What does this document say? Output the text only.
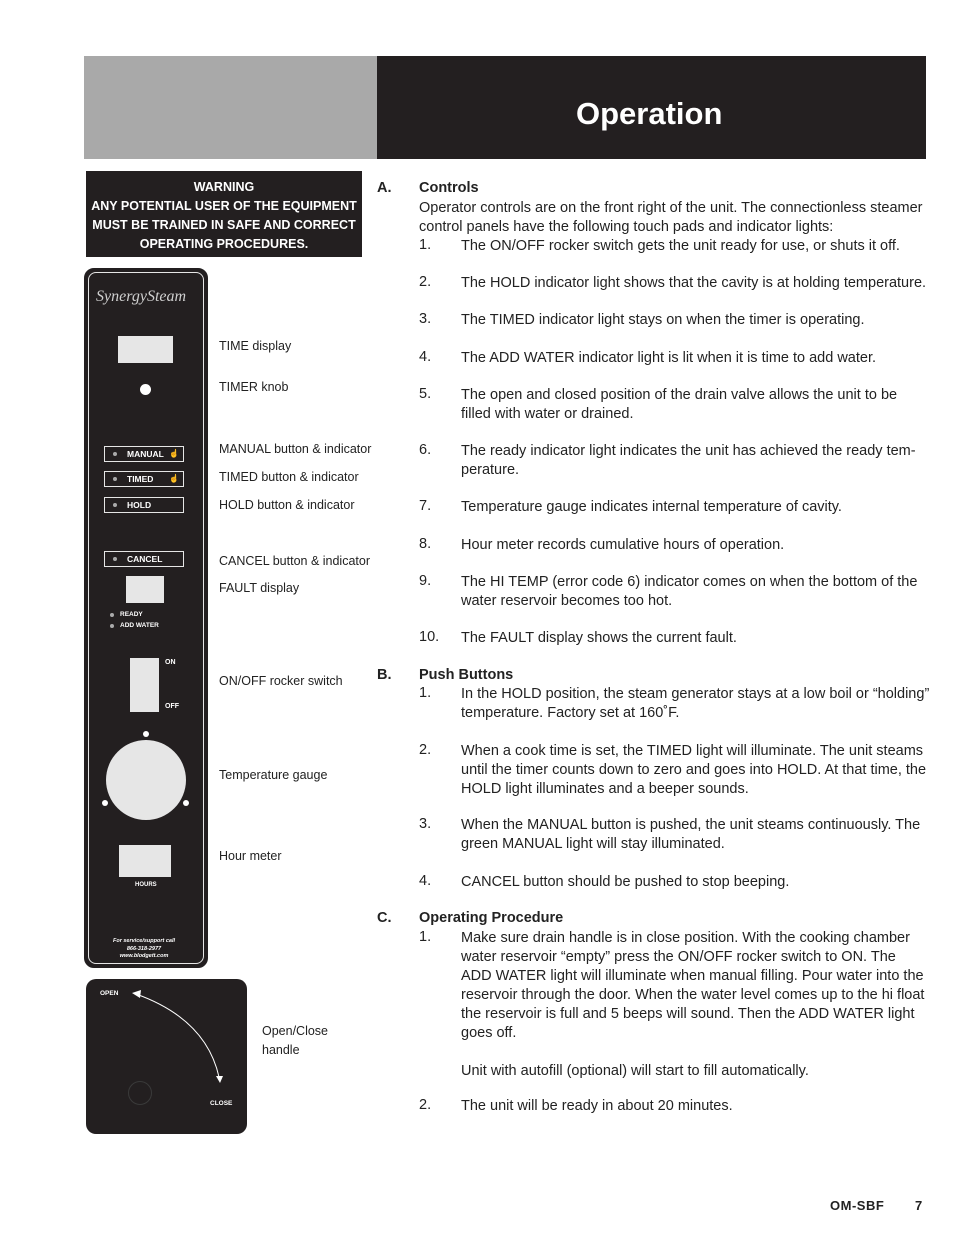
Operation
WARNING
ANY POTENTIAL USER OF THE EQUIPMENT
MUST BE TRAINED IN SAFE AND CORRECT
OPERATING PROCEDURES.
SynergySteam
MANUAL ☝
TIMED ☝
HOLD
CANCEL
READY
ADD WATER
ON
OFF
HOURS
For service/support call
866-318-2977
www.blodgett.com
TIME display
TIMER knob
MANUAL button & indicator
TIMED button & indicator
HOLD button & indicator
CANCEL button & indicator
FAULT display
ON/OFF rocker switch
Temperature gauge
Hour meter
OPEN
CLOSE
Open/Close
handle
A. Controls
Operator controls are on the front right of the unit. The connectionless steamer
control panels have the following touch pads and indicator lights:
1. The ON/OFF rocker switch gets the unit ready for use, or shuts it off.
2. The HOLD indicator light shows that the cavity is at holding temperature.
3. The TIMED indicator light stays on when the timer is operating.
4. The ADD WATER indicator light is lit when it is time to add water.
5. The open and closed position of the drain valve allows the unit to be
filled with water or drained.
6. The ready indicator light indicates the unit has achieved the ready tem-
perature.
7. Temperature gauge indicates internal temperature of cavity.
8. Hour meter records cumulative hours of operation.
9. The HI TEMP (error code 6) indicator comes on when the bottom of the
water reservoir becomes too hot.
10. The FAULT display shows the current fault.
B. Push Buttons
1. In the HOLD position, the steam generator stays at a low boil or “holding”
temperature. Factory set at 160˚F.
2. When a cook time is set, the TIMED light will illuminate. The unit steams
until the timer counts down to zero and goes into HOLD. At that time, the
HOLD light illuminates and a beeper sounds.
3. When the MANUAL button is pushed, the unit steams continuously. The
green MANUAL light will stay illuminated.
4. CANCEL button should be pushed to stop beeping.
C. Operating Procedure
1. Make sure drain handle is in close position. With the cooking chamber
water reservoir “empty” press the ON/OFF rocker switch to ON. The
ADD WATER light will illuminate when manual filling. Pour water into the
reservoir through the door. When the water level comes up to the hi float
the reservoir is full and 5 beeps will sound. Then the ADD WATER light
goes off.
Unit with autofill (optional) will start to fill automatically.
2. The unit will be ready in about 20 minutes.
OM-SBF 7
